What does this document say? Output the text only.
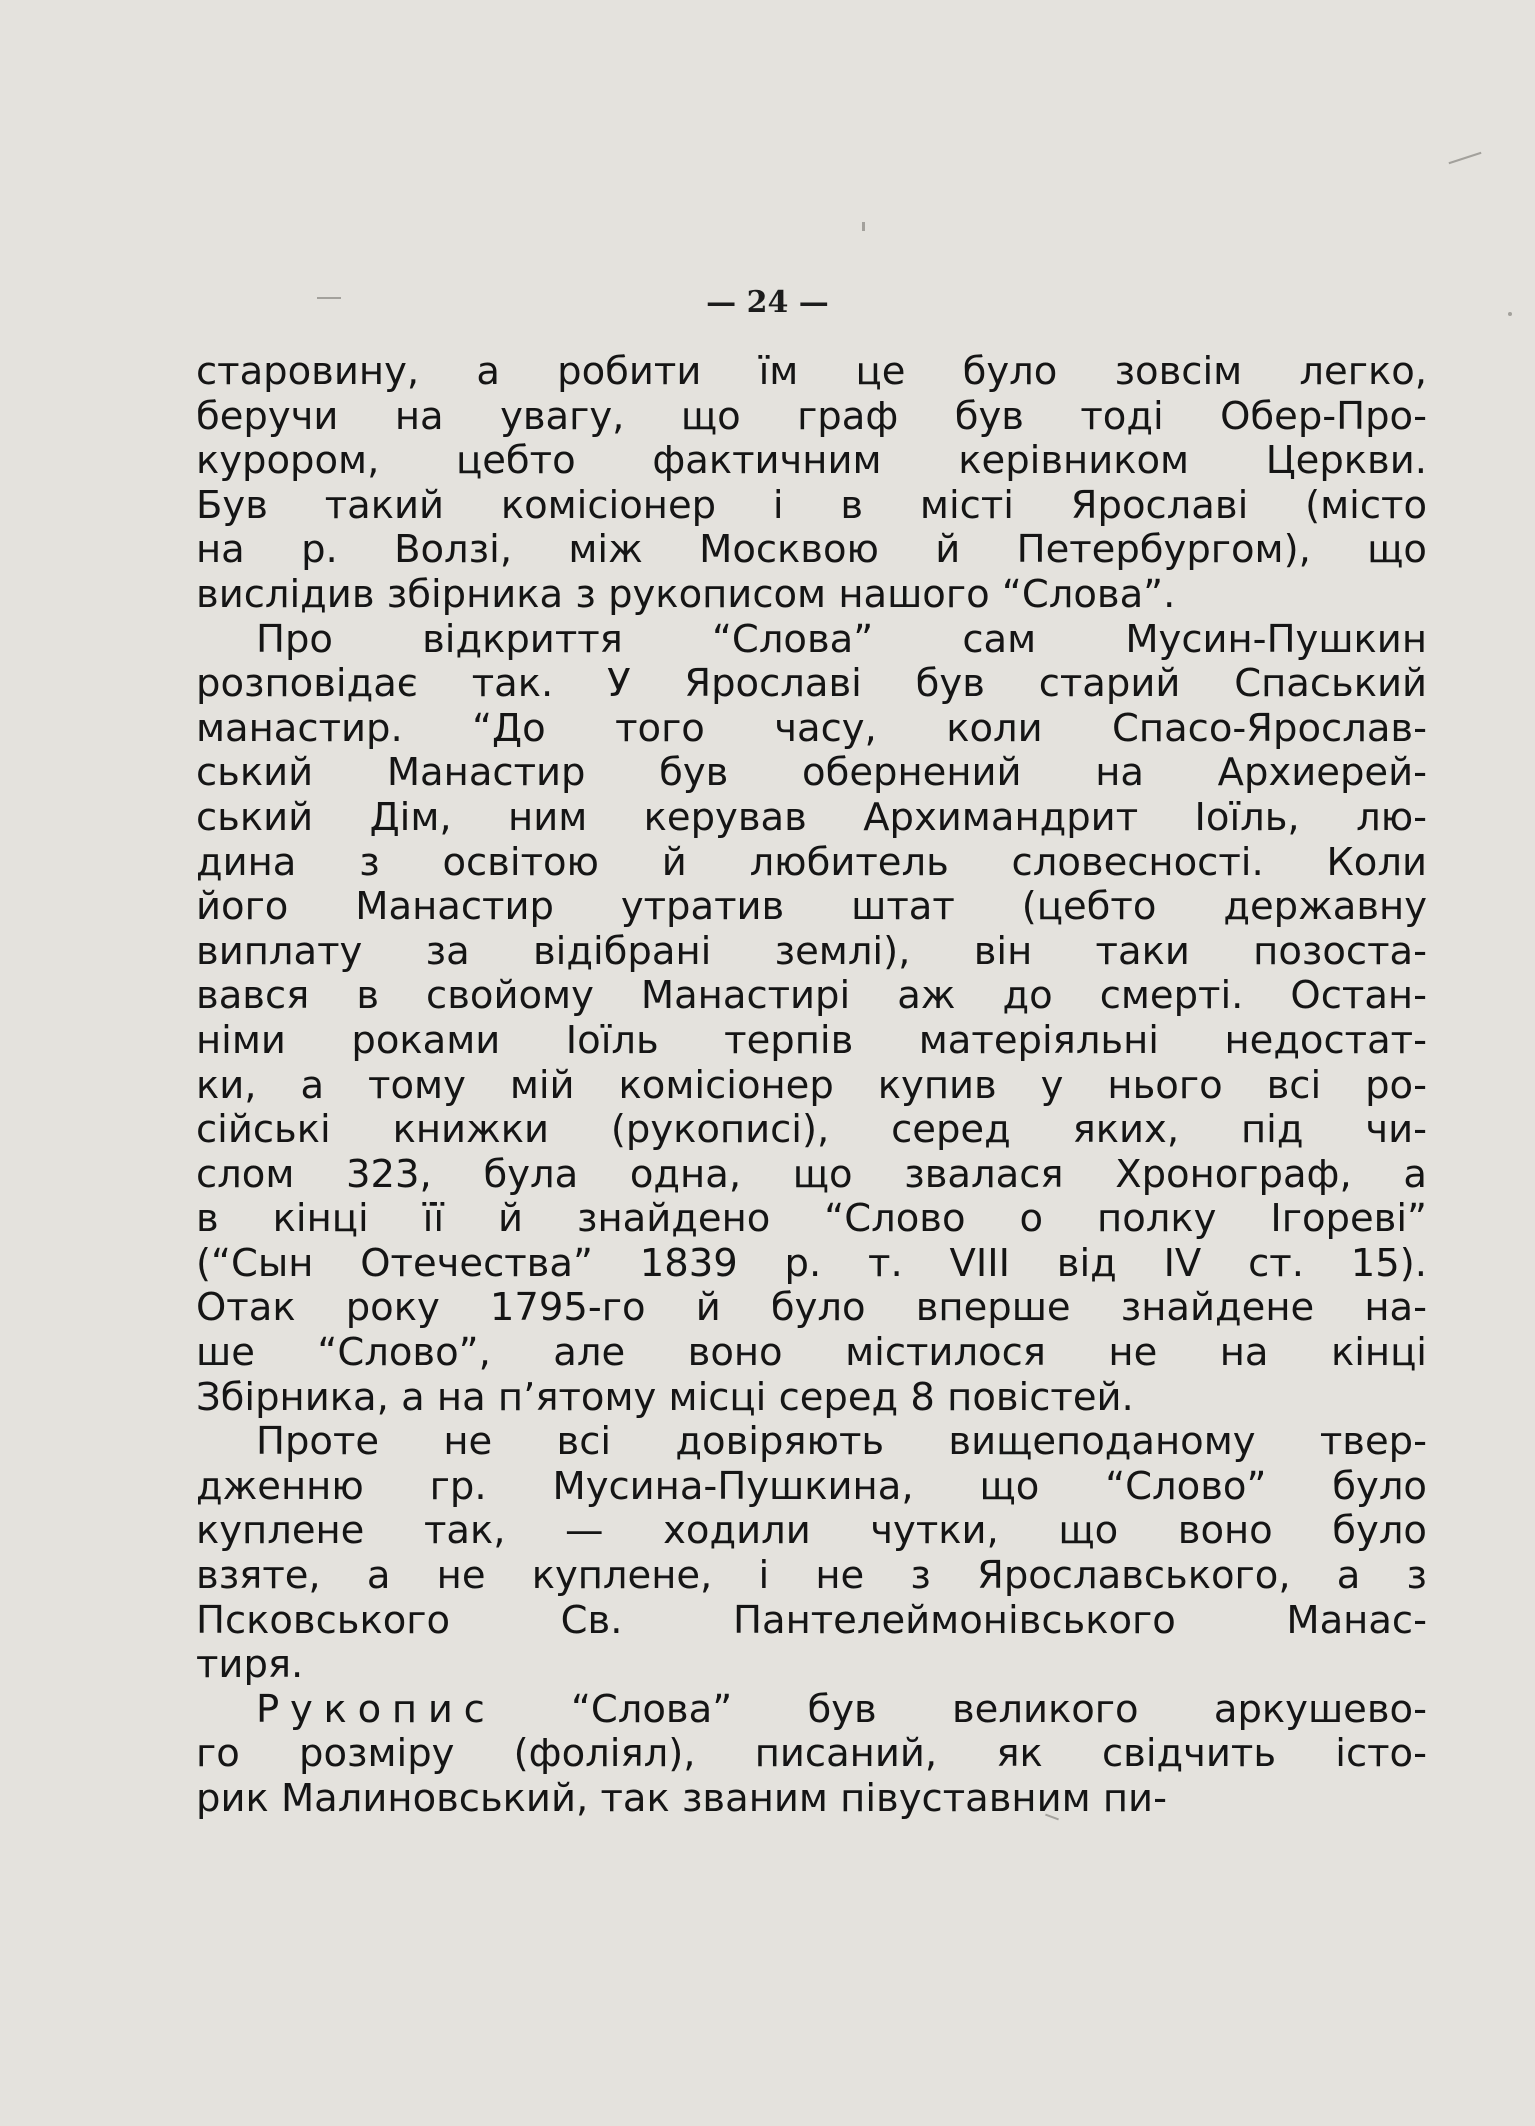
— 24 —
старовину, а робити їм це було зовсім легко,
беручи на увагу, що граф був тоді Обер-Про-
курором, цебто фактичним керівником Церкви.
Був такий комісіонер і в місті Ярославі (місто
на р. Волзі, між Москвою й Петербургом), що
вислідив збірника з рукописом нашого “Слова”.
Про відкриття “Слова” сам Мусин-Пушкин
розповідає так. У Ярославі був старий Спаський
манастир. “До того часу, коли Спасо-Ярослав-
ський Манастир був обернений на Архиерей-
ський Дім, ним керував Архимандрит Іоїль, лю-
дина з освітою й любитель словесності. Коли
його Манастир утратив штат (цебто державну
виплату за відібрані землі), він таки позоста-
вався в свойому Манастирі аж до смерті. Остан-
німи роками Іоїль терпів матеріяльні недостат-
ки, а тому мій комісіонер купив у нього всі ро-
сійські книжки (рукописі), серед яких, під чи-
слом 323, була одна, що звалася Хронограф, а
в кінці її й знайдено “Слово о полку Ігореві”
(“Сын Отечества” 1839 р. т. VIII від IV ст. 15).
Отак року 1795-го й було вперше знайдене на-
ше “Слово”, але воно містилося не на кінці
Збірника, а на п’ятому місці серед 8 повістей.
Проте не всі довіряють вищеподаному твер-
дженню гр. Мусина-Пушкина, що “Слово” було
куплене так, — ходили чутки, що воно було
взяте, а не куплене, і не з Ярославського, а з
Псковського Св. Пантелеймонівського Манас-
тиря.
Рукопис “Слова” був великого аркушево-
го розміру (фоліял), писаний, як свідчить істо-
рик Малиновський, так званим півуставним пи-
